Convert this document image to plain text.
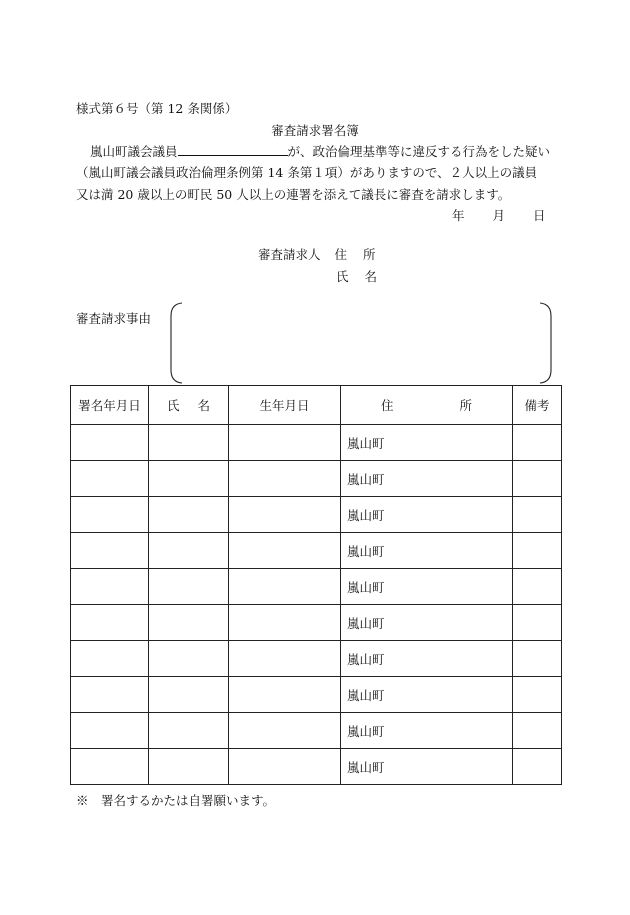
様式第６号（第 12 条関係）
審査請求署名簿
嵐山町議会議員	が、政治倫理基準等に違反する行為をした疑い
（嵐山町議会議員政治倫理条例第 14 条第１項）がありますので、２人以上の議員
又は満 20 歳以上の町民 50 人以上の連署を添えて議長に審査を請求します。
年 月 日
審査請求人 住 所
氏 名
審査請求事由
署名年月日	氏 名	生年月日	住 所	備考
			嵐山町	
			嵐山町	
			嵐山町	
			嵐山町	
			嵐山町	
			嵐山町	
			嵐山町	
			嵐山町	
			嵐山町	
			嵐山町	
※　署名するかたは自署願います。
